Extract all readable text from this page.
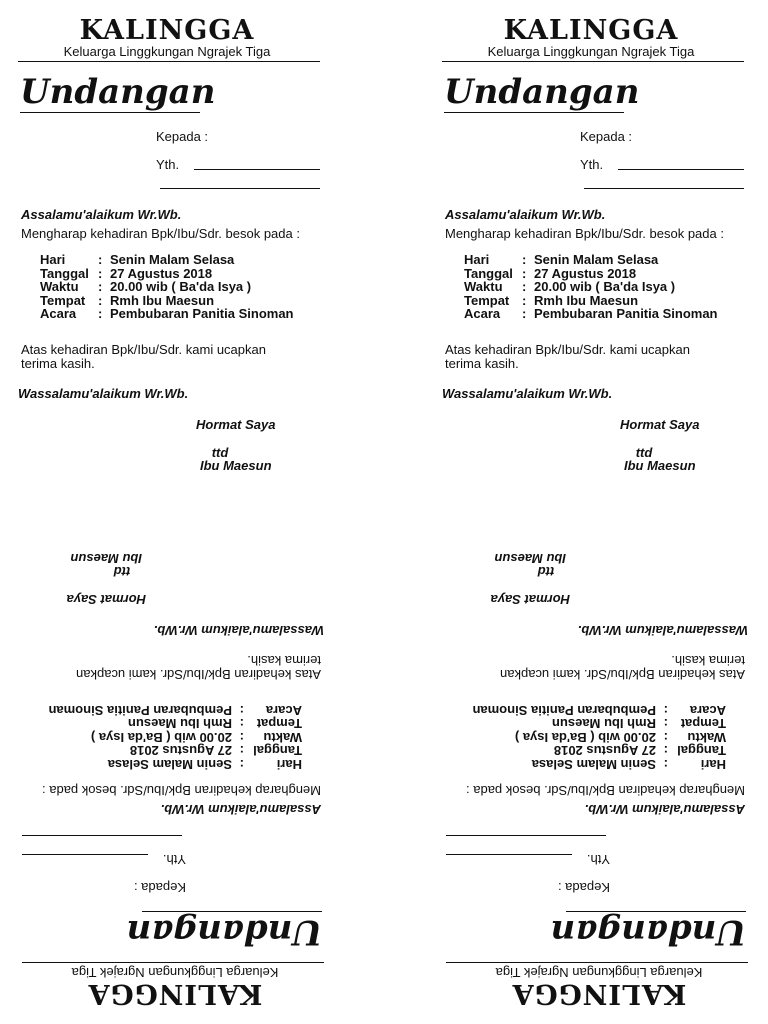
KALINGGA
Keluarga Linggkungan Ngrajek Tiga
Undangan
Kepada :
Yth.
Assalamu'alaikum Wr.Wb.
Mengharap kehadiran Bpk/Ibu/Sdr. besok pada :
Hari	: Senin Malam Selasa
Tanggal : 27 Agustus 2018
Waktu : 20.00 wib ( Ba'da Isya )
Tempat : Rmh Ibu Maesun
Acara : Pembubaran Panitia Sinoman
Atas kehadiran Bpk/Ibu/Sdr. kami ucapkan
terima kasih.
Wassalamu'alaikum Wr.Wb.
Hormat Saya
ttd
Ibu Maesun
KALINGGA
Keluarga Linggkungan Ngrajek Tiga
Undangan
Kepada :
Yth.
Assalamu'alaikum Wr.Wb.
Mengharap kehadiran Bpk/Ibu/Sdr. besok pada :
Hari	: Senin Malam Selasa
Tanggal : 27 Agustus 2018
Waktu : 20.00 wib ( Ba'da Isya )
Tempat : Rmh Ibu Maesun
Acara : Pembubaran Panitia Sinoman
Atas kehadiran Bpk/Ibu/Sdr. kami ucapkan
terima kasih.
Wassalamu'alaikum Wr.Wb.
Hormat Saya
ttd
Ibu Maesun
KALINGGA
Keluarga Linggkungan Ngrajek Tiga
Undangan
Kepada :
Yth.
Assalamu'alaikum Wr.Wb.
Mengharap kehadiran Bpk/Ibu/Sdr. besok pada :
Hari:Senin Malam Selasa
Tanggal:27 Agustus 2018
Waktu:20.00 wib ( Ba'da Isya )
Tempat:Rmh Ibu Maesun
Acara:Pembubaran Panitia Sinoman
Atas kehadiran Bpk/Ibu/Sdr. kami ucapkan
terima kasih.
Wassalamu'alaikum Wr.Wb.
Hormat Saya
ttd
Ibu Maesun
KALINGGA
Keluarga Linggkungan Ngrajek Tiga
Undangan
Kepada :
Yth.
Assalamu'alaikum Wr.Wb.
Mengharap kehadiran Bpk/Ibu/Sdr. besok pada :
Hari:Senin Malam Selasa
Tanggal:27 Agustus 2018
Waktu:20.00 wib ( Ba'da Isya )
Tempat:Rmh Ibu Maesun
Acara:Pembubaran Panitia Sinoman
Atas kehadiran Bpk/Ibu/Sdr. kami ucapkan
terima kasih.
Wassalamu'alaikum Wr.Wb.
Hormat Saya
ttd
Ibu Maesun
